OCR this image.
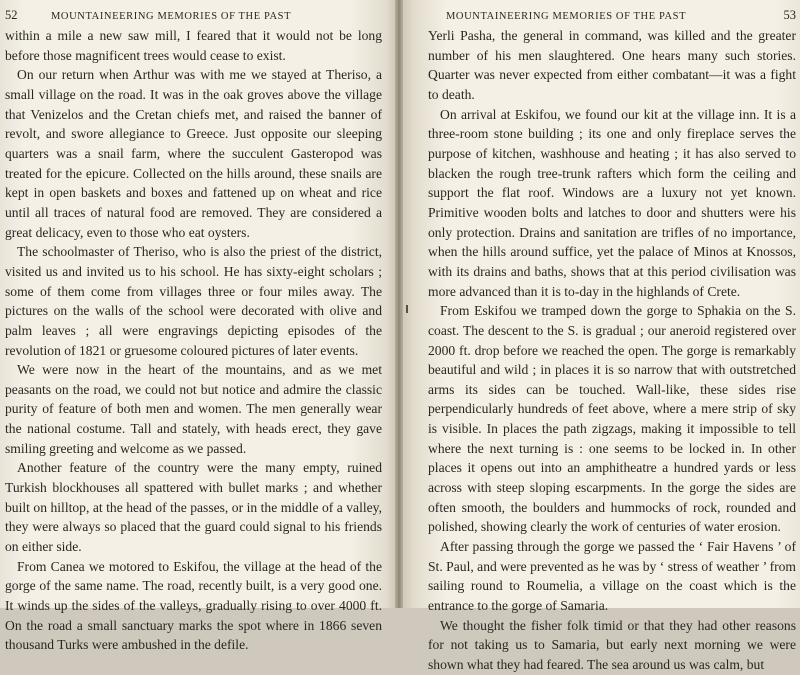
52	MOUNTAINEERING MEMORIES OF THE PAST

within a mile a new saw mill, I feared that it would not be long before those magnificent trees would cease to exist.

On our return when Arthur was with me we stayed at Theriso, a small village on the road. It was in the oak groves above the village that Venizelos and the Cretan chiefs met, and raised the banner of revolt, and swore allegiance to Greece. Just opposite our sleeping quarters was a snail farm, where the succulent Gasteropod was treated for the epicure. Collected on the hills around, these snails are kept in open baskets and boxes and fattened up on wheat and rice until all traces of natural food are removed. They are considered a great delicacy, even to those who eat oysters.

The schoolmaster of Theriso, who is also the priest of the district, visited us and invited us to his school. He has sixty-eight scholars ; some of them come from villages three or four miles away. The pictures on the walls of the school were decorated with olive and palm leaves ; all were engravings depicting episodes of the revolution of 1821 or gruesome coloured pictures of later events.

We were now in the heart of the mountains, and as we met peasants on the road, we could not but notice and admire the classic purity of feature of both men and women. The men generally wear the national costume. Tall and stately, with heads erect, they gave smiling greeting and welcome as we passed.

Another feature of the country were the many empty, ruined Turkish blockhouses all spattered with bullet marks ; and whether built on hilltop, at the head of the passes, or in the middle of a valley, they were always so placed that the guard could signal to his friends on either side.

From Canea we motored to Eskifou, the village at the head of the gorge of the same name. The road, recently built, is a very good one. It winds up the sides of the valleys, gradually rising to over 4000 ft. On the road a small sanctuary marks the spot where in 1866 seven thousand Turks were ambushed in the defile.

MOUNTAINEERING MEMORIES OF THE PAST	53

Yerli Pasha, the general in command, was killed and the greater number of his men slaughtered. One hears many such stories. Quarter was never expected from either combatant—it was a fight to death.

On arrival at Eskifou, we found our kit at the village inn. It is a three-room stone building ; its one and only fireplace serves the purpose of kitchen, washhouse and heating ; it has also served to blacken the rough tree-trunk rafters which form the ceiling and support the flat roof. Windows are a luxury not yet known. Primitive wooden bolts and latches to door and shutters were his only protection. Drains and sanitation are trifles of no importance, when the hills around suffice, yet the palace of Minos at Knossos, with its drains and baths, shows that at this period civilisation was more advanced than it is to-day in the highlands of Crete.

From Eskifou we tramped down the gorge to Sphakia on the S. coast. The descent to the S. is gradual ; our aneroid registered over 2000 ft. drop before we reached the open. The gorge is remarkably beautiful and wild ; in places it is so narrow that with outstretched arms its sides can be touched. Wall-like, these sides rise perpendicularly hundreds of feet above, where a mere strip of sky is visible. In places the path zigzags, making it impossible to tell where the next turning is : one seems to be locked in. In other places it opens out into an amphitheatre a hundred yards or less across with steep sloping escarpments. In the gorge the sides are often smooth, the boulders and hummocks of rock, rounded and polished, showing clearly the work of centuries of water erosion.

After passing through the gorge we passed the ‘ Fair Havens ’ of St. Paul, and were prevented as he was by ‘ stress of weather ’ from sailing round to Roumelia, a village on the coast which is the entrance to the gorge of Samaria.

We thought the fisher folk timid or that they had other reasons for not taking us to Samaria, but early next morning we were shown what they had feared. The sea around us was calm, but
